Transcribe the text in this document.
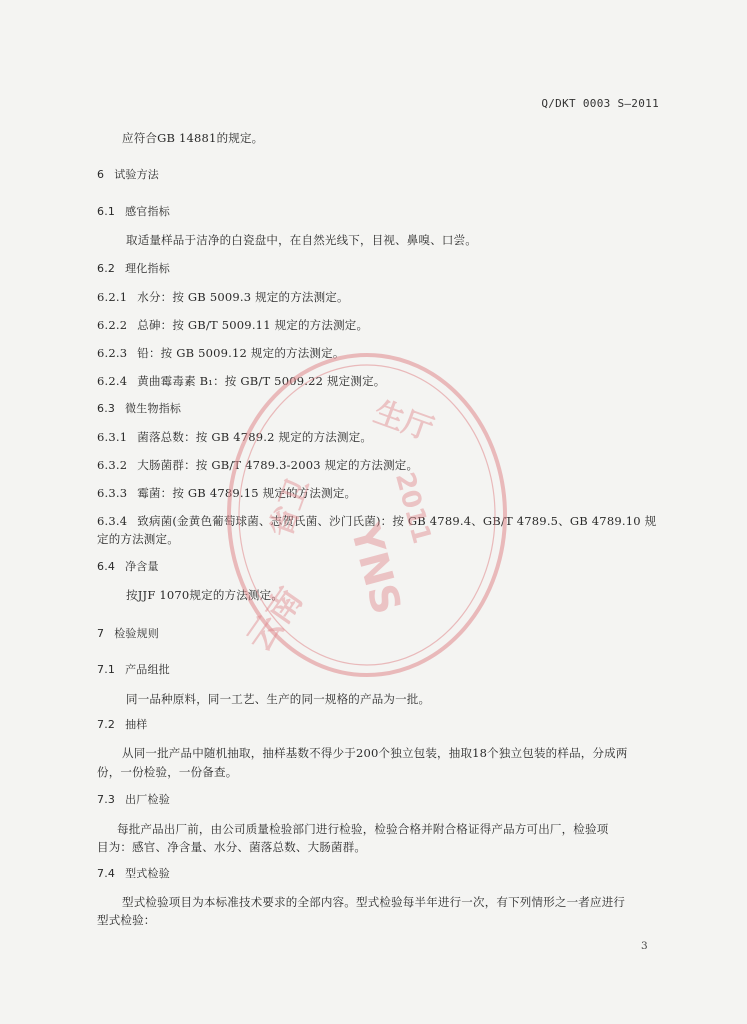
Q/DKT 0003 S—2011
应符合GB 14881的规定。
6 试验方法
6.1 感官指标
取适量样品于洁净的白瓷盘中，在自然光线下，目视、鼻嗅、口尝。
6.2 理化指标
6.2.1 水分：按 GB 5009.3 规定的方法测定。
6.2.2 总砷：按 GB/T 5009.11 规定的方法测定。
6.2.3 铅：按 GB 5009.12 规定的方法测定。
6.2.4 黄曲霉毒素 B₁：按 GB/T 5009.22 规定测定。
6.3 微生物指标
6.3.1 菌落总数：按 GB 4789.2 规定的方法测定。
6.3.2 大肠菌群：按 GB/T 4789.3-2003 规定的方法测定。
6.3.3 霉菌：按 GB 4789.15 规定的方法测定。
6.3.4 致病菌(金黄色葡萄球菌、志贺氏菌、沙门氏菌)：按 GB 4789.4、GB/T 4789.5、GB 4789.10 规
定的方法测定。
6.4 净含量
按JJF 1070规定的方法测定。
7 检验规则
7.1 产品组批
同一品种原料，同一工艺、生产的同一规格的产品为一批。
7.2 抽样
从同一批产品中随机抽取，抽样基数不得少于200个独立包装，抽取18个独立包装的样品，分成两
份，一份检验，一份备查。
7.3 出厂检验
每批产品出厂前，由公司质量检验部门进行检验，检验合格并附合格证得产品方可出厂，检验项
目为：感官、净含量、水分、菌落总数、大肠菌群。
7.4 型式检验
型式检验项目为本标准技术要求的全部内容。型式检验每半年进行一次，有下列情形之一者应进行
型式检验：
3
云南
省卫
生厅
YNS
2011
